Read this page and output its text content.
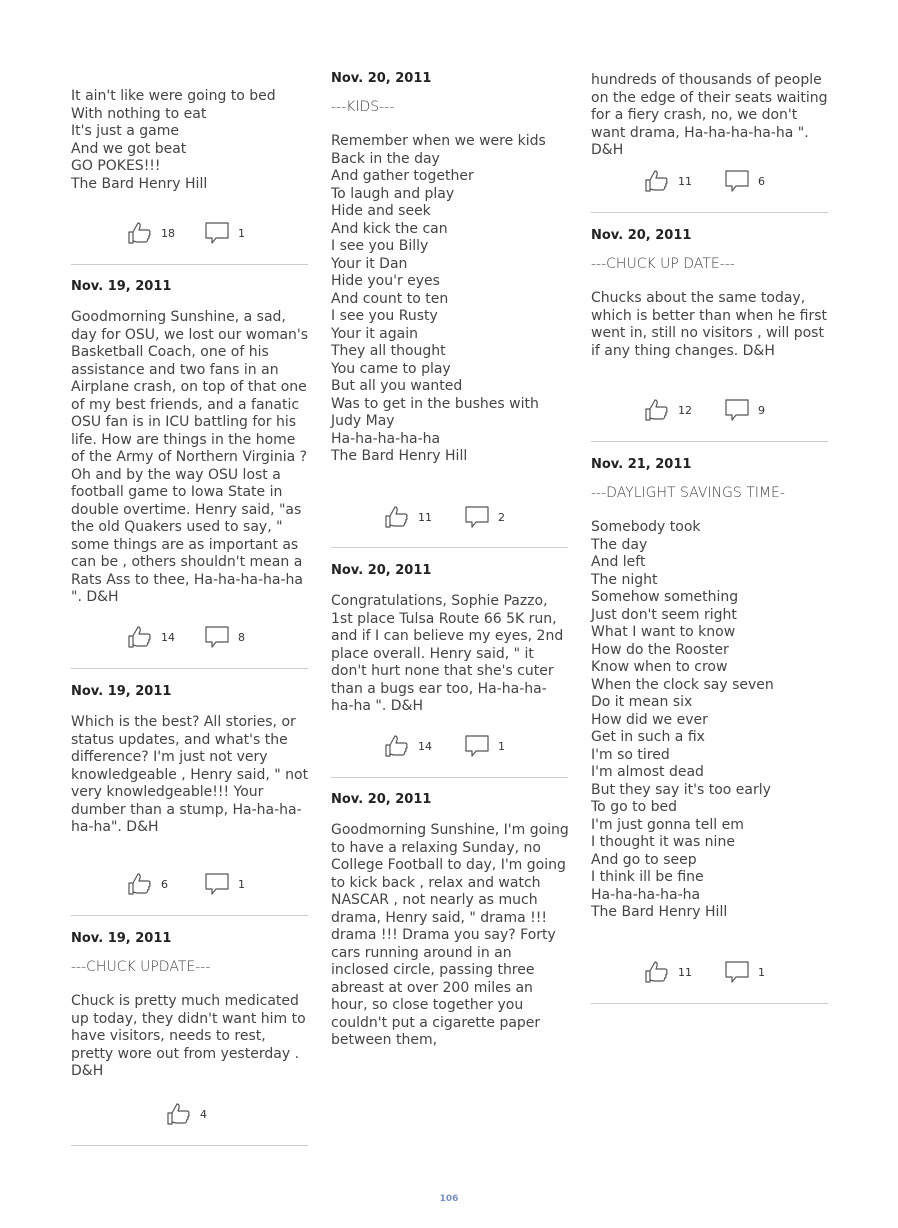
It ain't like were going to bed
With nothing to eat
It's just a game
And we got beat
GO POKES!!!
The Bard Henry Hill
18	1
Nov. 19, 2011
Goodmorning Sunshine, a sad, day for OSU, we lost our woman's Basketball Coach, one of his assistance and two fans in an Airplane crash, on top of that one of my best friends, and a fanatic OSU fan is in ICU battling for his life. How are things in the home of the Army of Northern Virginia ? Oh and by the way OSU lost a football game to Iowa State in double overtime. Henry said, "as the old Quakers used to say, " some things are as important as can be , others shouldn't mean a Rats Ass to thee, Ha-ha-ha-ha-ha ". D&H
14	8
Nov. 19, 2011
Which is the best? All stories, or status updates, and what's the difference? I'm just not very knowledgeable , Henry said, " not very knowledgeable!!! Your dumber than a stump, Ha-ha-ha-ha-ha". D&H
6	1
Nov. 19, 2011
---CHUCK UPDATE---
Chuck is pretty much medicated up today, they didn't want him to have visitors, needs to rest, pretty wore out from yesterday . D&H
4
Nov. 20, 2011
---KIDS---
Remember when we were kids
Back in the day
And gather together
To laugh and play
Hide and seek
And kick the can
I see you Billy
Your it Dan
Hide you'r eyes
And count to ten
I see you Rusty
Your it again
They all thought
You came to play
But all you wanted
Was to get in the bushes with
Judy May
Ha-ha-ha-ha-ha
The Bard Henry Hill
11	2
Nov. 20, 2011
Congratulations, Sophie Pazzo, 1st place Tulsa Route 66 5K run, and if I can believe my eyes, 2nd place overall. Henry said, " it don't hurt none that she's cuter than a bugs ear too, Ha-ha-ha-ha-ha ". D&H
14	1
Nov. 20, 2011
Goodmorning Sunshine, I'm going to have a relaxing Sunday, no College Football to day, I'm going to kick back , relax and watch NASCAR , not nearly as much drama, Henry said, " drama !!! drama !!! Drama you say? Forty cars running around in an inclosed circle, passing three abreast at over 200 miles an hour, so close together you couldn't put a cigarette paper between them,
hundreds of thousands of people on the edge of their seats waiting for a fiery crash, no, we don't want drama, Ha-ha-ha-ha-ha ". D&H
11	6
Nov. 20, 2011
---CHUCK UP DATE---
Chucks about the same today, which is better than when he first went in, still no visitors , will post if any thing changes. D&H
12	9
Nov. 21, 2011
---DAYLIGHT SAVINGS TIME-
Somebody took
The day
And left
The night
Somehow something
Just don't seem right
What I want to know
How do the Rooster
Know when to crow
When the clock say seven
Do it mean six
How did we ever
Get in such a fix
I'm so tired
I'm almost dead
But they say it's too early
To go to bed
I'm just gonna tell em
I thought it was nine
And go to seep
I think ill be fine
Ha-ha-ha-ha-ha
The Bard Henry Hill
11	1
106
